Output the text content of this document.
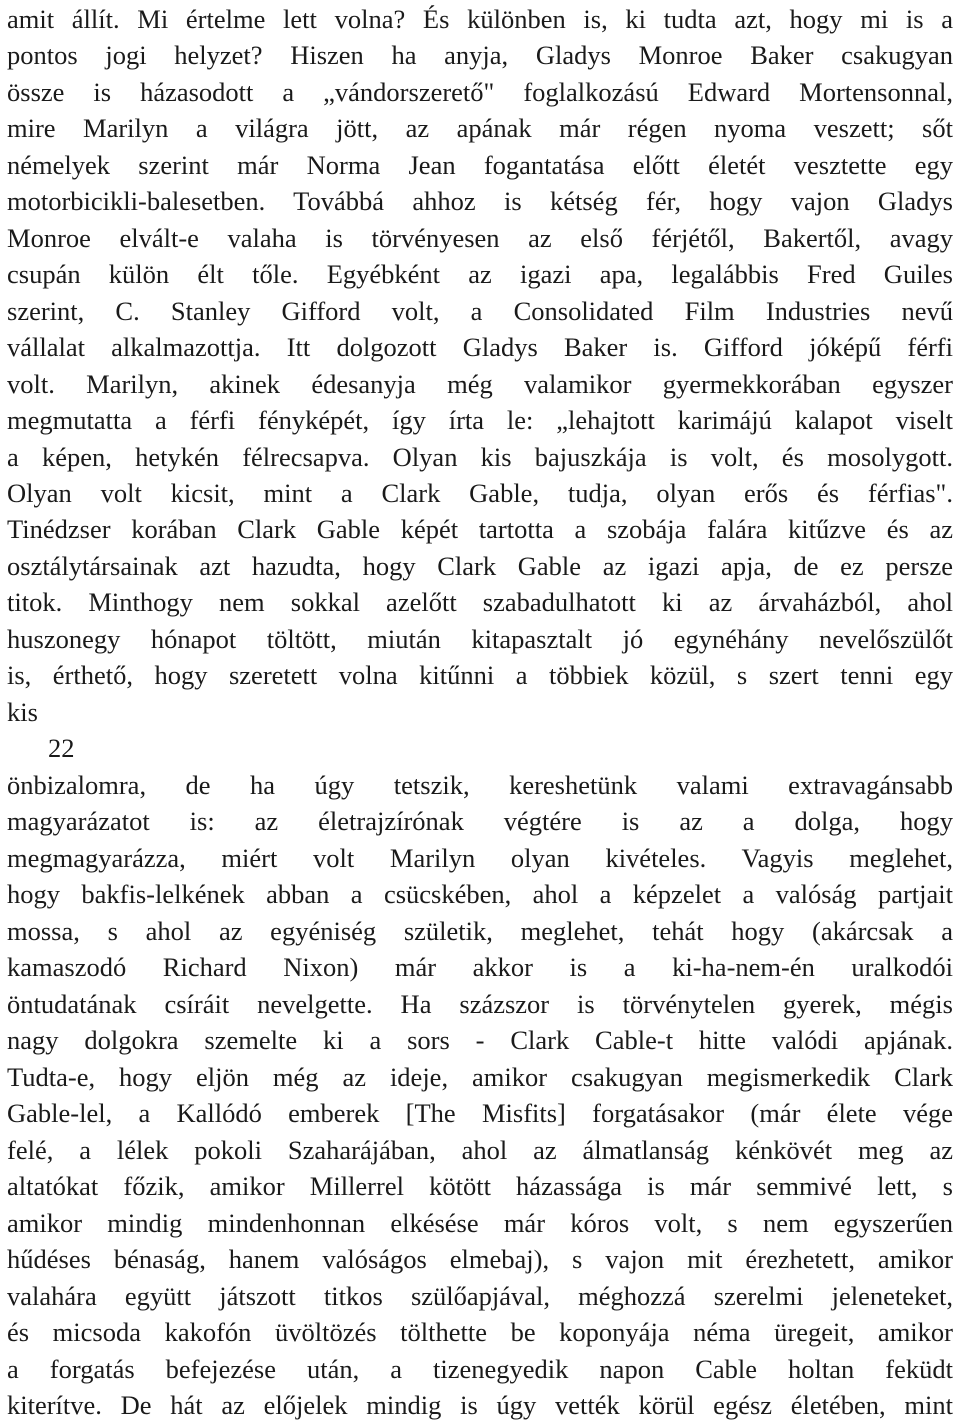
amit állít. Mi értelme lett volna? És különben is, ki tudta azt, hogy mi is a
pontos jogi helyzet? Hiszen ha anyja, Gladys Monroe Baker csakugyan
össze is házasodott a „vándorszerető" foglalkozású Edward Mortensonnal,
mire Marilyn a világra jött, az apának már régen nyoma veszett; sőt
némelyek szerint már Norma Jean fogantatása előtt életét vesztette egy
motorbicikli-balesetben. Továbbá ahhoz is kétség fér, hogy vajon Gladys
Monroe elvált-e valaha is törvényesen az első férjétől, Bakertől, avagy
csupán külön élt tőle. Egyébként az igazi apa, legalábbis Fred Guiles
szerint, C. Stanley Gifford volt, a Consolidated Film Industries nevű
vállalat alkalmazottja. Itt dolgozott Gladys Baker is. Gifford jóképű férfi
volt. Marilyn, akinek édesanyja még valamikor gyermekkorában egyszer
megmutatta a férfi fényképét, így írta le: „lehajtott karimájú kalapot viselt
a képen, hetykén félrecsapva. Olyan kis bajuszkája is volt, és mosolygott.
Olyan volt kicsit, mint a Clark Gable, tudja, olyan erős és férfias".
Tinédzser korában Clark Gable képét tartotta a szobája falára kitűzve és az
osztálytársainak azt hazudta, hogy Clark Gable az igazi apja, de ez persze
titok. Minthogy nem sokkal azelőtt szabadulhatott ki az árvaházból, ahol
huszonegy hónapot töltött, miután kitapasztalt jó egynéhány nevelőszülőt
is, érthető, hogy szeretett volna kitűnni a többiek közül, s szert tenni egy
kis
22
önbizalomra, de ha úgy tetszik, kereshetünk valami extravagánsabb
magyarázatot is: az életrajzírónak végtére is az a dolga, hogy
megmagyarázza, miért volt Marilyn olyan kivételes. Vagyis meglehet,
hogy bakfis-lelkének abban a csücskében, ahol a képzelet a valóság partjait
mossa, s ahol az egyéniség születik, meglehet, tehát hogy (akárcsak a
kamaszodó Richard Nixon) már akkor is a ki-ha-nem-én uralkodói
öntudatának csíráit nevelgette. Ha százszor is törvénytelen gyerek, mégis
nagy dolgokra szemelte ki a sors - Clark Cable-t hitte valódi apjának.
Tudta-e, hogy eljön még az ideje, amikor csakugyan megismerkedik Clark
Gable-lel, a Kallódó emberek [The Misfits] forgatásakor (már élete vége
felé, a lélek pokoli Szaharájában, ahol az álmatlanság kénkövét meg az
altatókat főzik, amikor Millerrel kötött házassága is már semmivé lett, s
amikor mindig mindenhonnan elkésése már kóros volt, s nem egyszerűen
hűdéses bénaság, hanem valóságos elmebaj), s vajon mit érezhetett, amikor
valahára együtt játszott titkos szülőapjával, méghozzá szerelmi jeleneteket,
és micsoda kakofón üvöltözés tölthette be koponyája néma üregeit, amikor
a forgatás befejezése után, a tizenegyedik napon Cable holtan feküdt
kiterítve. De hát az előjelek mindig is úgy vették körül egész életében, mint
